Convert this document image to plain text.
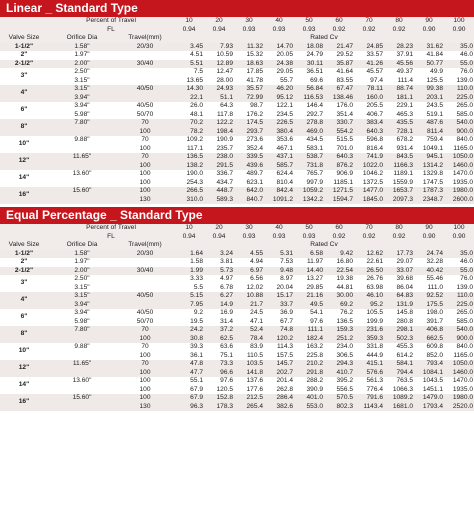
Linear _ Standard Type
	Percent of Travel		10	20	30	40	50	60	70	80	90	100
	FL		0.94	0.94	0.93	0.93	0.93	0.92	0.92	0.92	0.90	0.90
Valve Size	Orifice Dia	Travel(mm)	Rated Cv									
1-1/2"	1.58"	20/30	3.45	7.93	11.32	14.70	18.08	21.47	24.85	28.23	31.62	35.0
2"	1.97"		4.51	10.59	15.32	20.05	24.79	29.52	33.57	37.91	41.84	46.0
2-1/2"	2.00"	30/40	5.51	12.89	18.63	24.38	30.11	35.87	41.26	45.56	50.77	55.0
3"	2.50"		7.5	12.47	17.85	29.05	36.51	41.64	45.57	49.37	49.9	76.0
	3.15"		13.65	28.00	41.78	55.7	69.6	83.55	97.4	111.4	125.5	139.0
4"	3.15"	40/50	14.30	24.93	35.57	46.20	56.84	67.47	78.11	88.74	99.38	110.0
	3.94"		22.1	51.1	72.99	95.12	116.53	138.46	160.0	181.1	203.1	225.0
6"	3.94"	40/50	26.0	64.3	98.7	122.1	146.4	176.0	205.5	229.1	243.5	265.0
	5.98"	50/70	48.1	117.8	176.2	234.5	292.7	351.4	406.7	465.3	519.1	585.0
8"	7.80"	70	70.2	122.2	174.5	226.5	278.8	330.7	383.4	435.5	487.6	540.0
		100	78.2	198.4	293.7	380.4	469.0	554.2	640.3	728.1	811.4	900.0
10"	9.88"	70	109.2	190.9	273.6	353.6	434.5	515.5	596.8	678.2	759.4	840.0
		100	117.1	235.7	352.4	467.1	583.1	701.0	816.4	931.4	1049.1	1165.0
12"	11.65"	70	136.5	238.0	339.5	437.1	538.7	640.3	741.9	843.5	945.1	1050.0
		100	138.2	291.5	439.6	585.7	731.8	876.2	1022.0	1166.3	1314.2	1460.0
14"	13.60"	100	190.0	336.7	489.7	624.4	765.7	906.9	1046.2	1189.1	1329.8	1470.0
		100	254.3	434.7	623.1	810.4	997.9	1185.1	1372.5	1559.9	1747.5	1935.0
16"	15.60"	100	266.5	448.7	642.0	842.4	1059.2	1271.5	1477.0	1653.7	1787.3	1980.0
		130	310.0	589.3	840.7	1091.2	1342.2	1594.7	1845.0	2097.3	2348.7	2600.0
Equal Percentage _ Standard Type
	Percent of Travel		10	20	30	40	50	60	70	80	90	100
	FL		0.94	0.94	0.93	0.93	0.93	0.92	0.92	0.92	0.90	0.90
Valve Size	Orifice Dia	Travel(mm)	Rated Cv									
1-1/2"	1.58"	20/30	1.64	3.24	4.55	5.31	6.58	9.42	12.62	17.73	24.74	35.0
2"	1.97"		1.58	3.81	4.94	7.53	11.97	16.80	22.61	29.07	32.28	46.0
2-1/2"	2.00"	30/40	1.99	5.73	6.97	9.48	14.40	22.54	26.50	33.07	40.42	55.0
3"	2.50"		3.33	4.97	6.56	8.97	13.27	19.38	26.76	39.68	55.46	76.0
	3.15"		5.5	6.78	12.02	20.04	29.85	44.81	63.98	86.04	111.0	139.0
4"	3.15"	40/50	5.15	6.27	10.88	15.17	21.16	30.00	46.10	64.83	92.52	110.0
	3.94"		7.95	14.9	21.7	33.7	49.5	69.2	95.2	131.9	175.5	225.0
6"	3.94"	40/50	9.2	16.9	24.5	36.9	54.1	76.2	105.5	145.8	198.0	265.0
	5.98"	50/70	19.5	31.4	47.1	67.7	97.6	136.5	199.9	280.8	391.7	585.0
8"	7.80"	70	24.2	37.2	52.4	74.8	111.1	159.3	231.6	298.1	406.8	540.0
		100	30.8	62.5	78.4	120.2	182.4	251.2	359.3	502.3	662.5	900.0
10"	9.88"	70	39.3	63.6	83.9	114.3	163.2	234.0	331.8	455.3	609.8	840.0
		100	36.1	75.1	110.5	157.5	225.8	306.5	444.9	614.2	852.0	1165.0
12"	11.65"	70	47.8	73.3	103.5	145.7	210.2	294.3	415.1	584.1	793.4	1050.0
		100	47.7	96.6	141.8	202.7	291.8	410.7	576.6	794.4	1084.1	1460.0
14"	13.60"	100	55.1	97.6	137.6	201.4	288.2	395.2	561.3	763.5	1043.5	1470.0
		100	67.9	120.5	177.6	262.8	390.9	556.5	776.4	1066.3	1451.1	1935.0
16"	15.60"	100	67.9	152.8	212.5	286.4	401.0	570.5	791.6	1089.2	1479.0	1980.0
		130	96.3	178.3	265.4	382.6	553.0	802.3	1143.4	1681.0	1793.4	2520.0
